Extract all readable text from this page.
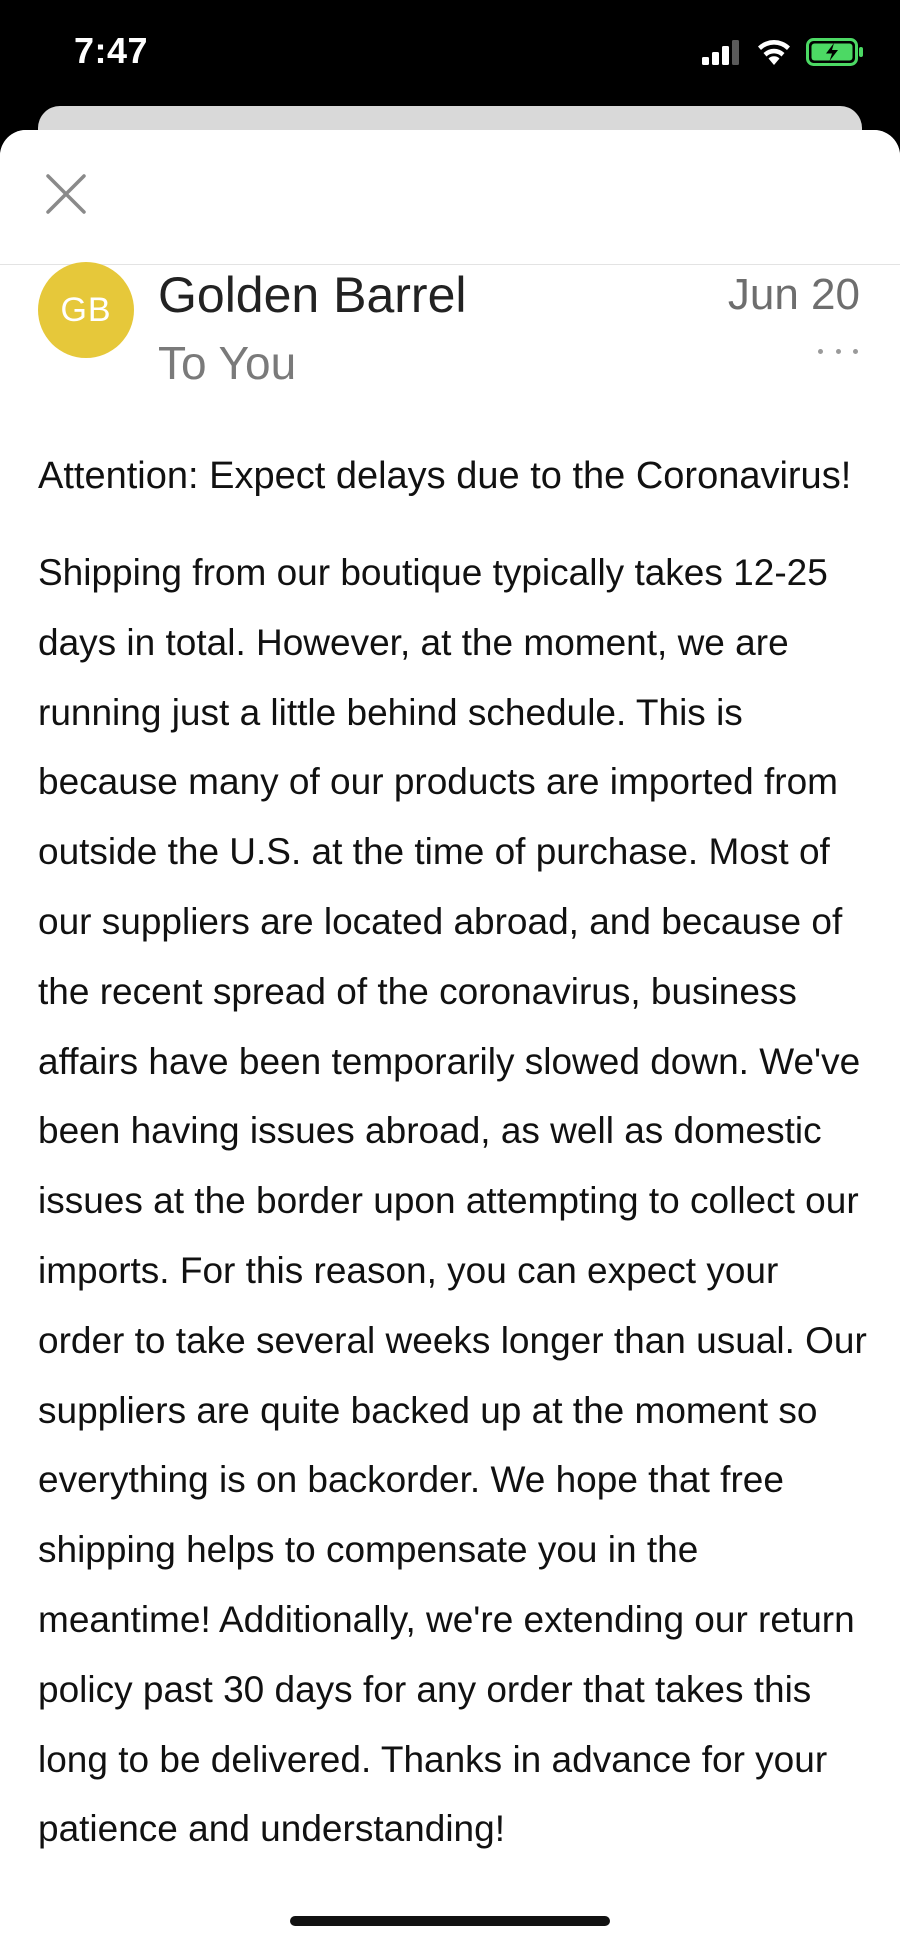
7:47
GB Golden Barrel
To You
Jun 20

Attention: Expect delays due to the Coronavirus!

Shipping from our boutique typically takes 12-25 days in total. However, at the moment, we are running just a little behind schedule. This is because many of our products are imported from outside the U.S. at the time of purchase. Most of our suppliers are located abroad, and because of the recent spread of the coronavirus, business affairs have been temporarily slowed down. We've been having issues abroad, as well as domestic issues at the border upon attempting to collect our imports. For this reason, you can expect your order to take several weeks longer than usual. Our suppliers are quite backed up at the moment so everything is on backorder. We hope that free shipping helps to compensate you in the meantime! Additionally, we're extending our return policy past 30 days for any order that takes this long to be delivered. Thanks in advance for your patience and understanding!
